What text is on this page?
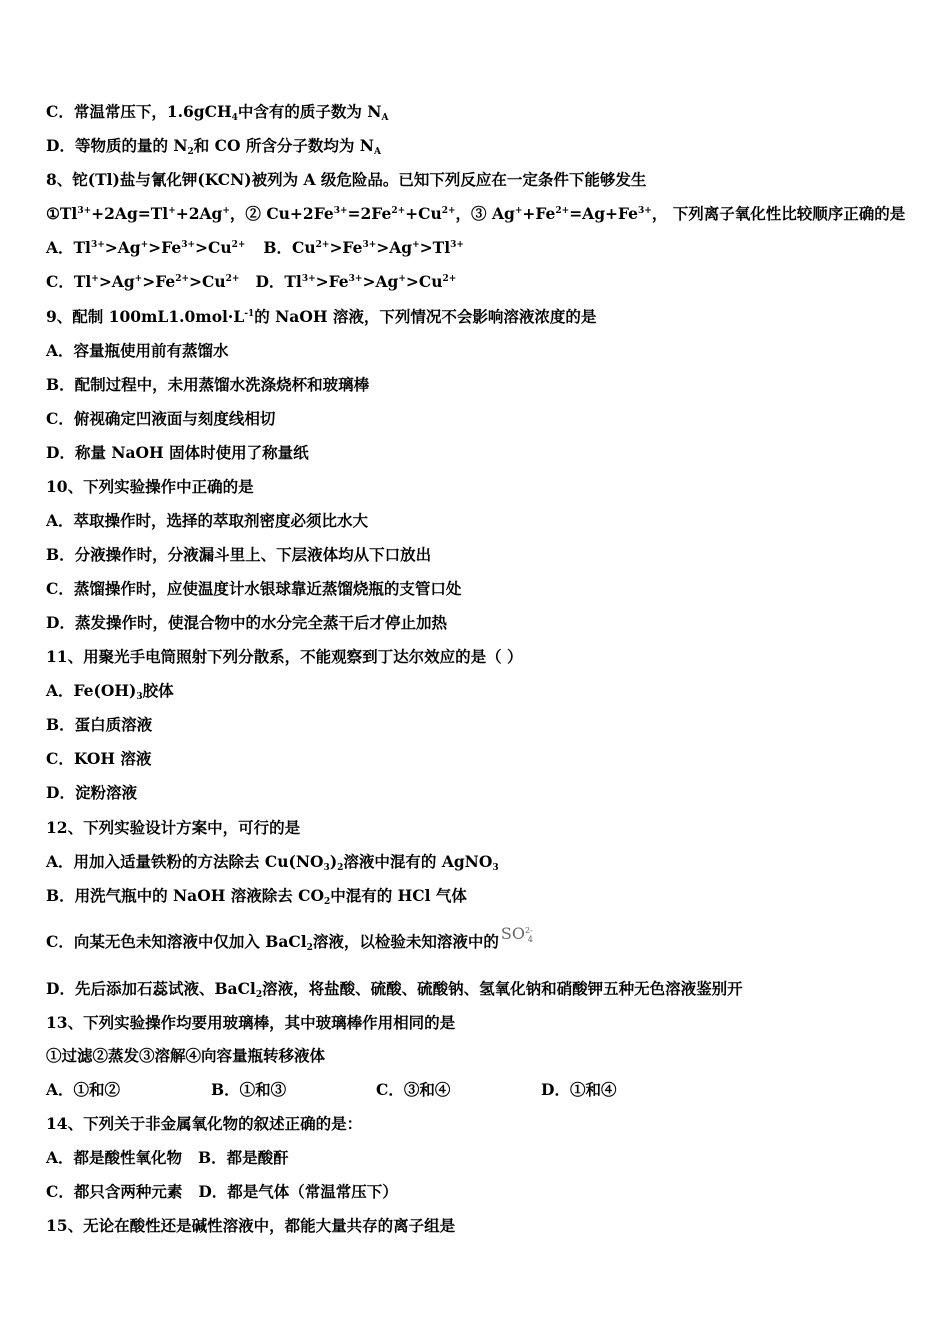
C．常温常压下，1.6gCH$_4$中含有的质子数为 $N_A$
D．等物质的量的 $N_2$和 CO 所含分子数均为 $N_A$
8、铊(Tl)盐与氰化钾(KCN)被列为 A 级危险品。已知下列反应在一定条件下能够发生
$①Tl^{3+}+2Ag=Tl^++2Ag^+$，② $Cu+2Fe^{3+}=2Fe^{2+}+Cu^{2+}$，③ $Ag^++Fe^{2+}=Ag+Fe^{3+}$， 下列离子氧化性比较顺序正确的是
A．$Tl^{3+}>Ag^+>Fe^{3+}>Cu^{2+}$ B．$Cu^{2+}>Fe^{3+}>Ag^+>Tl^{3+}$
C．$Tl^+>Ag^+>Fe^{2+}>Cu^{2+}$ D．$Tl^{3+}>Fe^{3+}>Ag^+>Cu^{2+}$
9、配制 $100mL1.0mol\cdot L^{-1}$的 NaOH 溶液，下列情况不会影响溶液浓度的是
A．容量瓶使用前有蒸馏水
B．配制过程中，未用蒸馏水洗涤烧杯和玻璃棒
C．俯视确定凹液面与刻度线相切
D．称量 NaOH 固体时使用了称量纸
10、下列实验操作中正确的是
A．萃取操作时，选择的萃取剂密度必须比水大
B．分液操作时，分液漏斗里上、下层液体均从下口放出
C．蒸馏操作时，应使温度计水银球靠近蒸馏烧瓶的支管口处
D．蒸发操作时，使混合物中的水分完全蒸干后才停止加热
11、用聚光手电筒照射下列分散系，不能观察到丁达尔效应的是（ ）
A．$Fe(OH)_3$胶体
B．蛋白质溶液
C．KOH 溶液
D．淀粉溶液
12、下列实验设计方案中，可行的是
A．用加入适量铁粉的方法除去 $Cu(NO_3)_2$溶液中混有的 AgNO$_3$
B．用洗气瓶中的 NaOH 溶液除去 $CO_2$中混有的 HCl 气体
C．向某无色未知溶液中仅加入 BaCl$_2$溶液，以检验未知溶液中的 $SO^{2-}_4$
D．先后添加石蕊试液、BaCl$_2$溶液，将盐酸、硫酸、硫酸钠、氢氧化钠和硝酸钾五种无色溶液鉴别开
13、下列实验操作均要用玻璃棒，其中玻璃棒作用相同的是
①过滤②蒸发③溶解④向容量瓶转移液体
A．①和②	B．①和③	C．③和④	D．①和④
14、下列关于非金属氧化物的叙述正确的是：
A．都是酸性氧化物 B．都是酸酐
C．都只含两种元素 D．都是气体（常温常压下）
15、无论在酸性还是碱性溶液中，都能大量共存的离子组是
